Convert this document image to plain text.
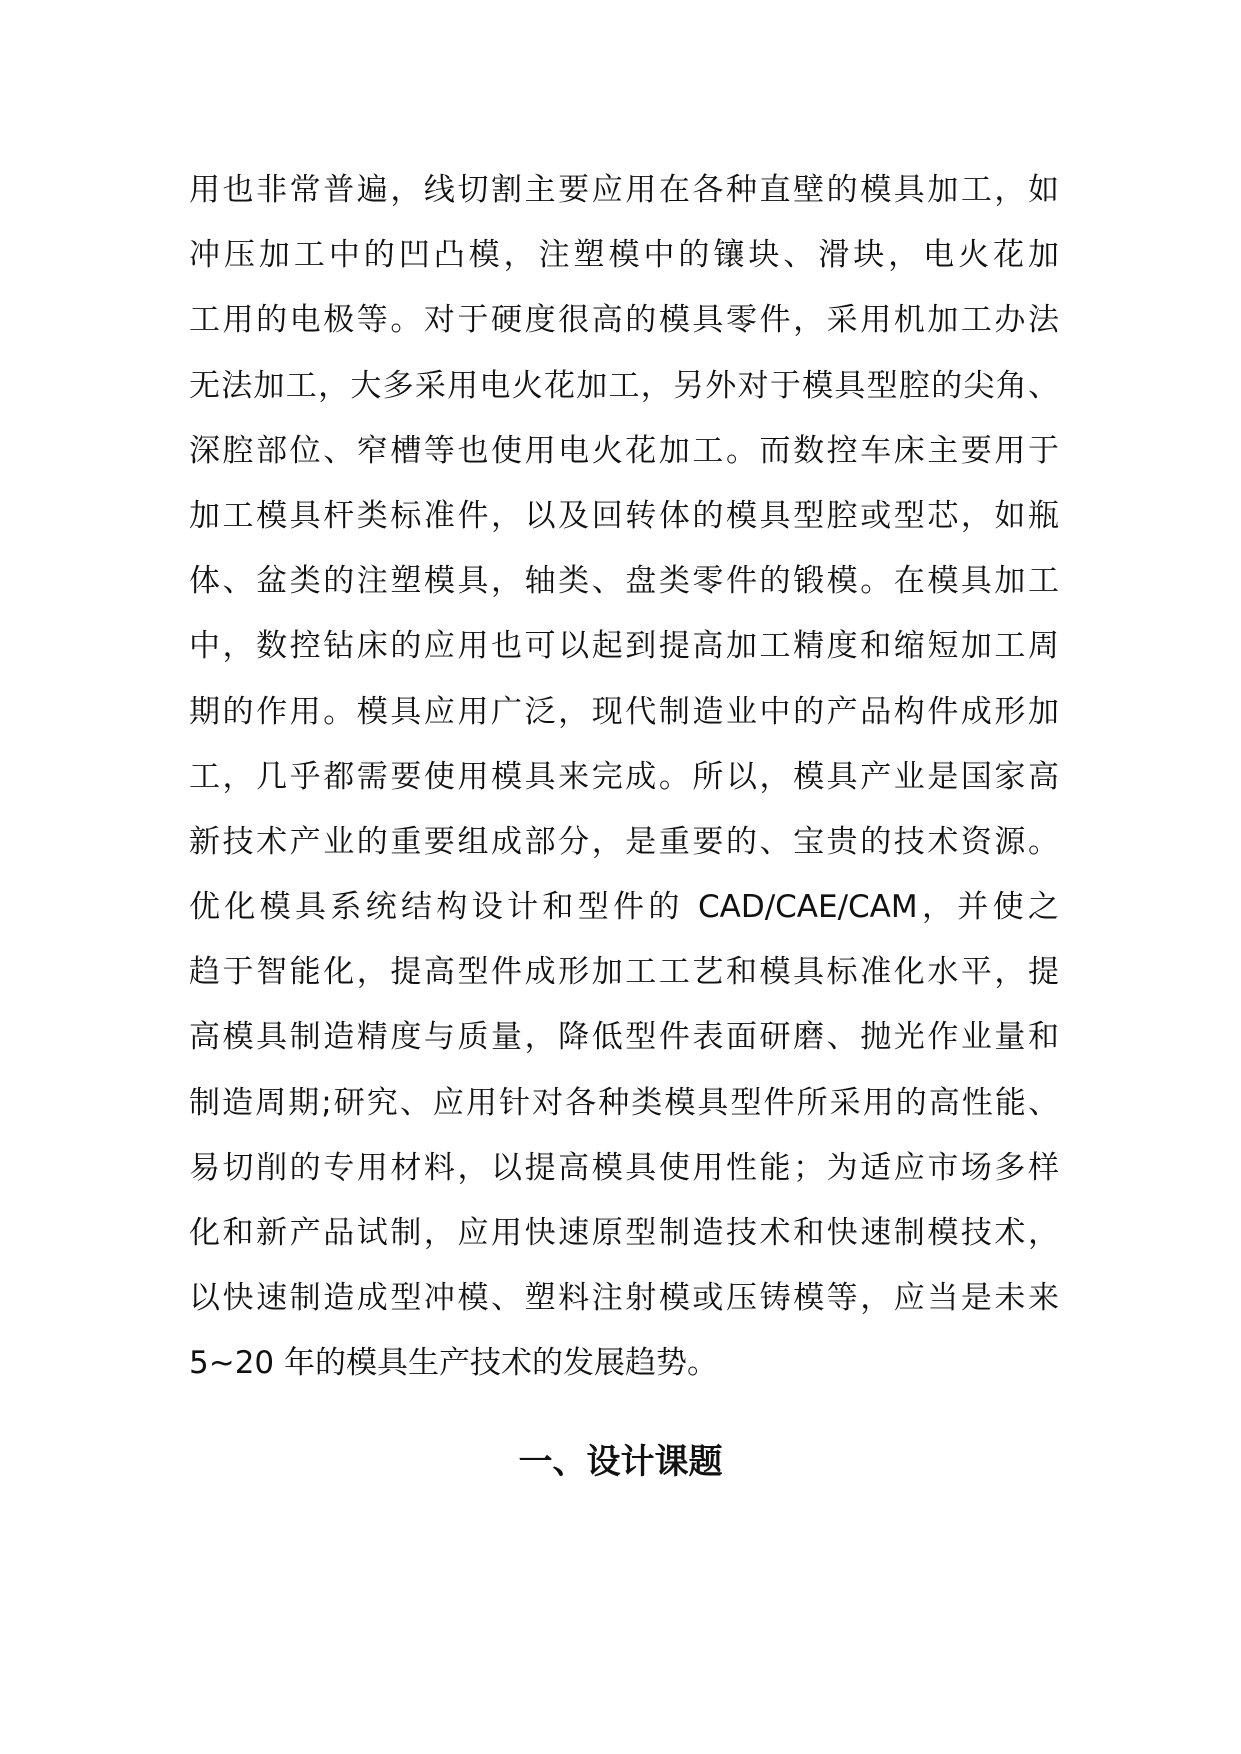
用也非常普遍，线切割主要应用在各种直壁的模具加工，如
冲压加工中的凹凸模，注塑模中的镶块、滑块，电火花加
工用的电极等。对于硬度很高的模具零件，采用机加工办法
无法加工，大多采用电火花加工，另外对于模具型腔的尖角、
深腔部位、窄槽等也使用电火花加工。而数控车床主要用于
加工模具杆类标准件，以及回转体的模具型腔或型芯，如瓶
体、盆类的注塑模具，轴类、盘类零件的锻模。在模具加工
中，数控钻床的应用也可以起到提高加工精度和缩短加工周
期的作用。模具应用广泛，现代制造业中的产品构件成形加
工，几乎都需要使用模具来完成。所以，模具产业是国家高
新技术产业的重要组成部分，是重要的、宝贵的技术资源。
优化模具系统结构设计和型件的 CAD/CAE/CAM，并使之
趋于智能化，提高型件成形加工工艺和模具标准化水平，提
高模具制造精度与质量，降低型件表面研磨、抛光作业量和
制造周期;研究、应用针对各种类模具型件所采用的高性能、
易切削的专用材料，以提高模具使用性能；为适应市场多样
化和新产品试制，应用快速原型制造技术和快速制模技术，
以快速制造成型冲模、塑料注射模或压铸模等，应当是未来
5~20 年的模具生产技术的发展趋势。
一、设计课题
